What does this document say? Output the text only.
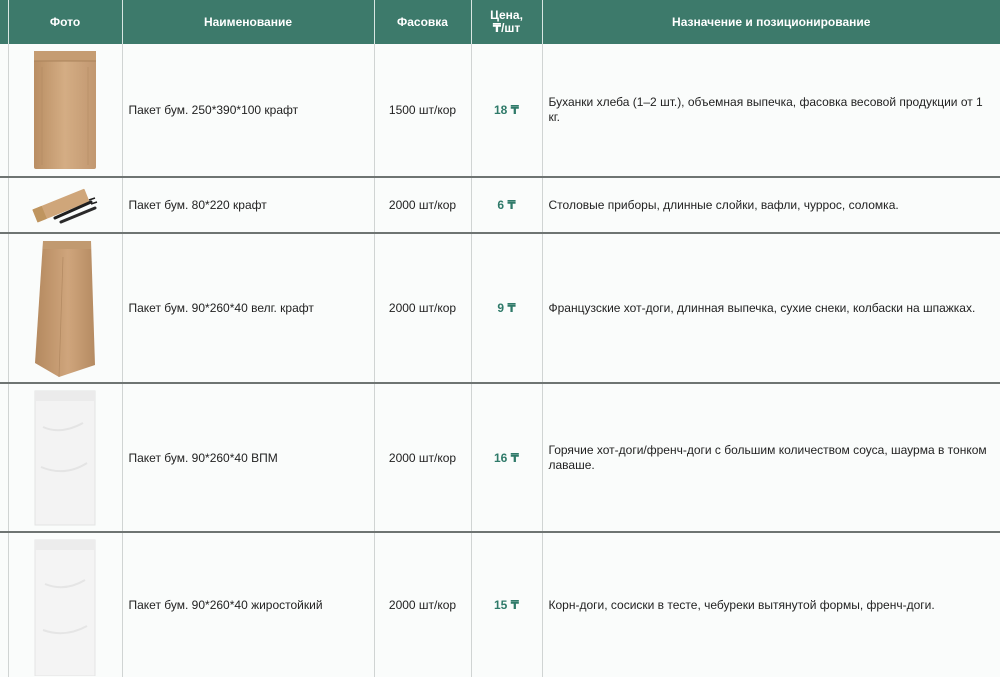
	Фото	Наименование	Фасовка	Цена,
₸/шт	Назначение и позиционирование

	Пакет бум. 250*390*100 крафт	1500 шт/кор	18 ₸	Буханки хлеба (1–2 шт.), объемная выпечка, фасовка весовой продукции от 1 кг.

	Пакет бум. 80*220 крафт	2000 шт/кор	6 ₸	Столовые приборы, длинные слойки, вафли, чуррос, соломка.

	Пакет бум. 90*260*40 велг. крафт	2000 шт/кор	9 ₸	Французские хот-доги, длинная выпечка, сухие снеки, колбаски на шпажках.

	Пакет бум. 90*260*40 ВПМ	2000 шт/кор	16 ₸	Горячие хот-доги/френч-доги с большим количеством соуса, шаурма в тонком лаваше.

	Пакет бум. 90*260*40 жиростойкий	2000 шт/кор	15 ₸	Корн-доги, сосиски в тесте, чебуреки вытянутой формы, френч-доги.
